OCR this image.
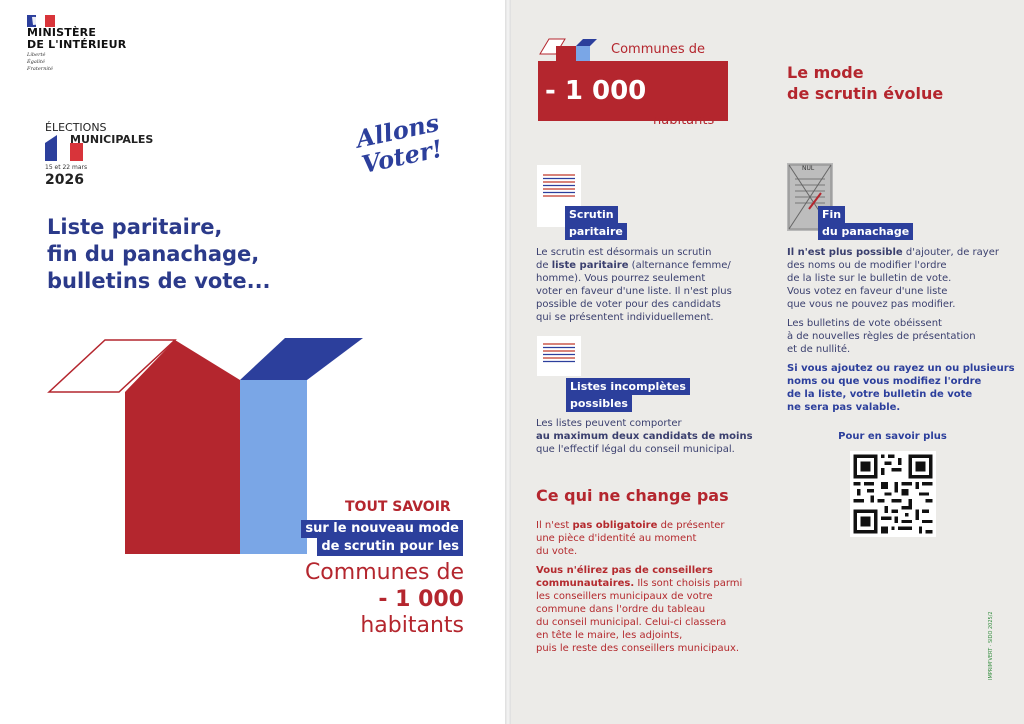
MINISTÈRE
DE L'INTÉRIEUR
Liberté
Égalité
Fraternité
ÉLECTIONS
MUNICIPALES
15 et 22 mars
2026
Allons Voter!
Liste paritaire,
fin du panachage,
bulletins de vote...
TOUT SAVOIR
sur le nouveau mode
de scrutin pour les
Communes de
- 1 000
habitants
Communes de
- 1 000
habitants
Le mode
de scrutin évolue
Scrutin
paritaire
Le scrutin est désormais un scrutin
de liste paritaire (alternance femme/
homme). Vous pourrez seulement
voter en faveur d'une liste. Il n'est plus
possible de voter pour des candidats
qui se présentent individuellement.
NUL
Fin
du panachage
Il n'est plus possible d'ajouter, de rayer
des noms ou de modifier l'ordre
de la liste sur le bulletin de vote.
Vous votez en faveur d'une liste
que vous ne pouvez pas modifier.
Les bulletins de vote obéissent
à de nouvelles règles de présentation
et de nullité.
Si vous ajoutez ou rayez un ou plusieurs
noms ou que vous modifiez l'ordre
de la liste, votre bulletin de vote
ne sera pas valable.
Listes incomplètes
possibles
Les listes peuvent comporter
au maximum deux candidats de moins
que l'effectif légal du conseil municipal.
Pour en savoir plus
Ce qui ne change pas
Il n'est pas obligatoire de présenter
une pièce d'identité au moment
du vote.
Vous n'élirez pas de conseillers
communautaires. Ils sont choisis parmi
les conseillers municipaux de votre
commune dans l'ordre du tableau
du conseil municipal. Celui-ci classera
en tête le maire, les adjoints,
puis le reste des conseillers municipaux.	IMPRIM'VERT · SIDO 2025/2
